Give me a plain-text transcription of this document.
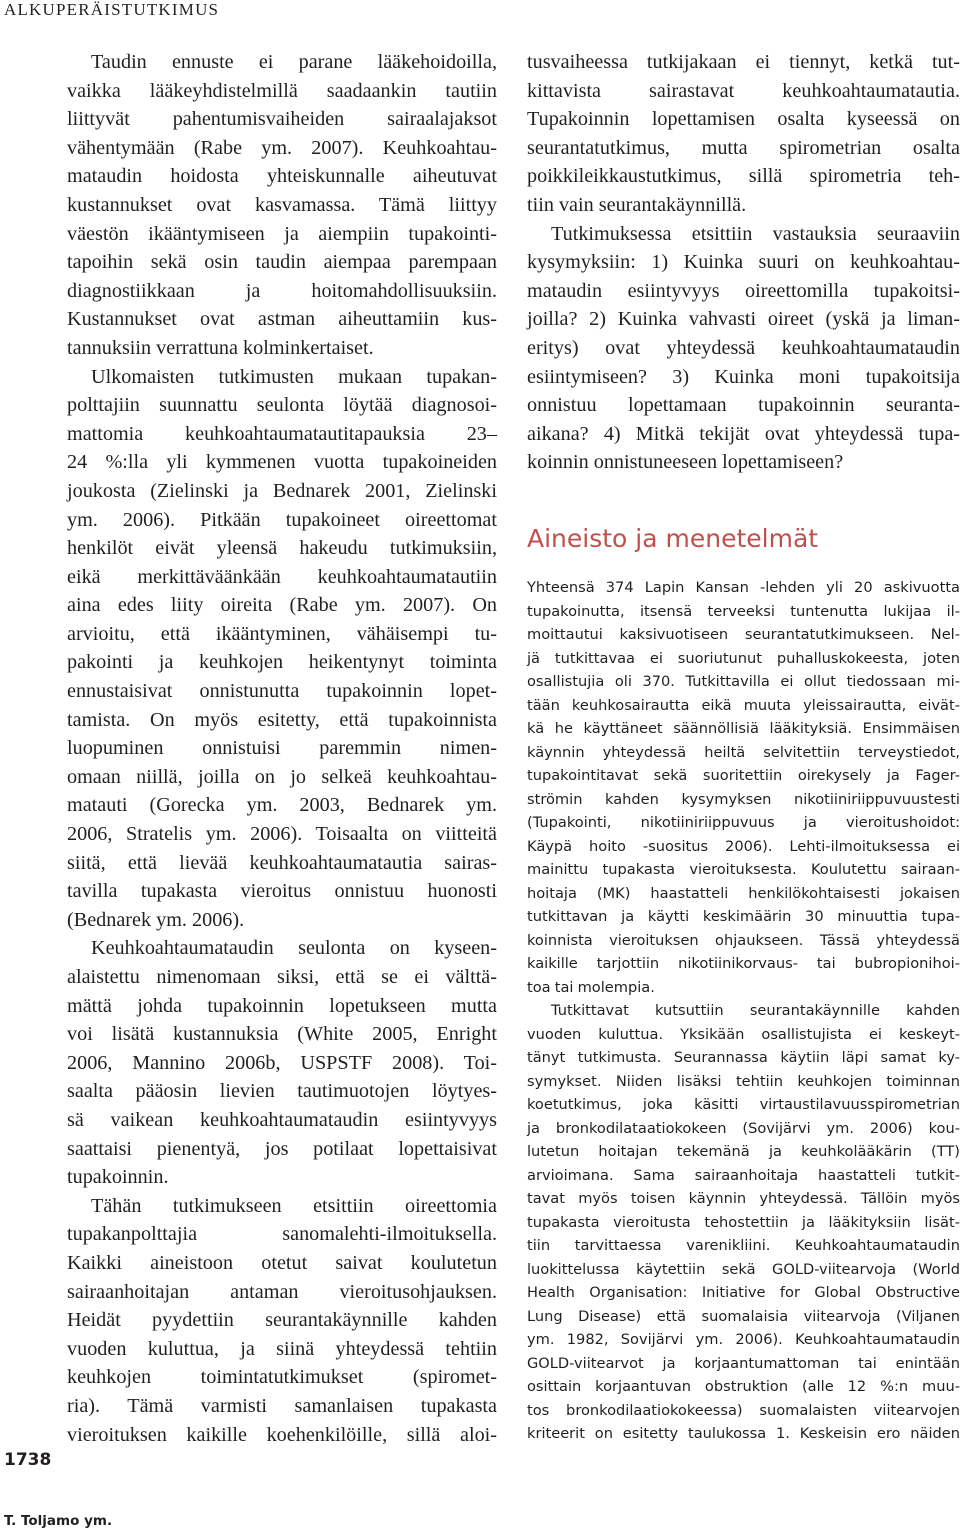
ALKUPERÄISTUTKIMUS
Taudin ennuste ei parane lääkehoidoilla,
vaikka lääkeyhdistelmillä saadaankin tautiin
liittyvät pahentumisvaiheiden sairaalajaksot
vähentymään (Rabe ym. 2007). Keuhkoahtau-
mataudin hoidosta yhteiskunnalle aiheutuvat
kustannukset ovat kasvamassa. Tämä liittyy
väestön ikääntymiseen ja aiempiin tupakointi-
tapoihin sekä osin taudin aiempaa parempaan
diagnostiikkaan ja hoitomahdollisuuksiin.
Kustannukset ovat astman aiheuttamiin kus-
tannuksiin verrattuna kolminkertaiset.
Ulkomaisten tutkimusten mukaan tupakan-
polttajiin suunnattu seulonta löytää diagnosoi-
mattomia keuhkoahtaumatautitapauksia 23–
24 %:lla yli kymmenen vuotta tupakoineiden
joukosta (Zielinski ja Bednarek 2001, Zielinski
ym. 2006). Pitkään tupakoineet oireettomat
henkilöt eivät yleensä hakeudu tutkimuksiin,
eikä merkittäväänkään keuhkoahtaumatautiin
aina edes liity oireita (Rabe ym. 2007). On
arvioitu, että ikääntyminen, vähäisempi tu-
pakointi ja keuhkojen heikentynyt toiminta
ennustaisivat onnistunutta tupakoinnin lopet-
tamista. On myös esitetty, että tupakoinnista
luopuminen onnistuisi paremmin nimen-
omaan niillä, joilla on jo selkeä keuhkoahtau-
matauti (Gorecka ym. 2003, Bednarek ym.
2006, Stratelis ym. 2006). Toisaalta on viitteitä
siitä, että lievää keuhkoahtaumatautia sairas-
tavilla tupakasta vieroitus onnistuu huonosti
(Bednarek ym. 2006).
Keuhkoahtaumataudin seulonta on kyseen-
alaistettu nimenomaan siksi, että se ei välttä-
mättä johda tupakoinnin lopetukseen mutta
voi lisätä kustannuksia (White 2005, Enright
2006, Mannino 2006b, USPSTF 2008). Toi-
saalta pääosin lievien tautimuotojen löytyes-
sä vaikean keuhkoahtaumataudin esiintyvyys
saattaisi pienentyä, jos potilaat lopettaisivat
tupakoinnin.
Tähän tutkimukseen etsittiin oireettomia
tupakanpolttajia sanomalehti-ilmoituksella.
Kaikki aineistoon otetut saivat koulutetun
sairaanhoitajan antaman vieroitusohjauksen.
Heidät pyydettiin seurantakäynnille kahden
vuoden kuluttua, ja siinä yhteydessä tehtiin
keuhkojen toimintatutkimukset (spiromet-
ria). Tämä varmisti samanlaisen tupakasta
vieroituksen kaikille koehenkilöille, sillä aloi-
tusvaiheessa tutkijakaan ei tiennyt, ketkä tut-
kittavista sairastavat keuhkoahtaumatautia.
Tupakoinnin lopettamisen osalta kyseessä on
seurantatutkimus, mutta spirometrian osalta
poikkileikkaustutkimus, sillä spirometria teh-
tiin vain seurantakäynnillä.
Tutkimuksessa etsittiin vastauksia seuraaviin
kysymyksiin: 1) Kuinka suuri on keuhkoahtau-
mataudin esiintyvyys oireettomilla tupakoitsi-
joilla? 2) Kuinka vahvasti oireet (yskä ja liman-
eritys) ovat yhteydessä keuhkoahtaumataudin
esiintymiseen? 3) Kuinka moni tupakoitsija
onnistuu lopettamaan tupakoinnin seuranta-
aikana? 4) Mitkä tekijät ovat yhteydessä tupa-
koinnin onnistuneeseen lopettamiseen?
Aineisto ja menetelmät
Yhteensä 374 Lapin Kansan -lehden yli 20 askivuotta
tupakoinutta, itsensä terveeksi tuntenutta lukijaa il-
moittautui kaksivuotiseen seurantatutkimukseen. Nel-
jä tutkittavaa ei suoriutunut puhalluskokeesta, joten
osallistujia oli 370. Tutkittavilla ei ollut tiedossaan mi-
tään keuhkosairautta eikä muuta yleissairautta, eivät-
kä he käyttäneet säännöllisiä lääkityksiä. Ensimmäisen
käynnin yhteydessä heiltä selvitettiin terveystiedot,
tupakointitavat sekä suoritettiin oirekysely ja Fager-
strömin kahden kysymyksen nikotiiniriippuvuustesti
(Tupakointi, nikotiiniriippuvuus ja vieroitushoidot:
Käypä hoito -suositus 2006). Lehti-ilmoituksessa ei
mainittu tupakasta vieroituksesta. Koulutettu sairaan-
hoitaja (MK) haastatteli henkilökohtaisesti jokaisen
tutkittavan ja käytti keskimäärin 30 minuuttia tupa-
koinnista vieroituksen ohjaukseen. Tässä yhteydessä
kaikille tarjottiin nikotiinikorvaus- tai bubropionihoi-
toa tai molempia.
Tutkittavat kutsuttiin seurantakäynnille kahden
vuoden kuluttua. Yksikään osallistujista ei keskeyt-
tänyt tutkimusta. Seurannassa käytiin läpi samat ky-
symykset. Niiden lisäksi tehtiin keuhkojen toiminnan
koetutkimus, joka käsitti virtaustilavuusspirometrian
ja bronkodilataatiokokeen (Sovijärvi ym. 2006) kou-
lutetun hoitajan tekemänä ja keuhkolääkärin (TT)
arvioimana. Sama sairaanhoitaja haastatteli tutkit-
tavat myös toisen käynnin yhteydessä. Tällöin myös
tupakasta vieroitusta tehostettiin ja lääkityksiin lisät-
tiin tarvittaessa varenikliini. Keuhkoahtaumataudin
luokittelussa käytettiin sekä GOLD-viitearvoja (World
Health Organisation: Initiative for Global Obstructive
Lung Disease) että suomalaisia viitearvoja (Viljanen
ym. 1982, Sovijärvi ym. 2006). Keuhkoahtaumataudin
GOLD-viitearvot ja korjaantumattoman tai enintään
osittain korjaantuvan obstruktion (alle 12 %:n muu-
tos bronkodilaatiokokeessa) suomalaisten viitearvojen
kriteerit on esitetty taulukossa 1. Keskeisin ero näiden
1738
T. Toljamo ym.
